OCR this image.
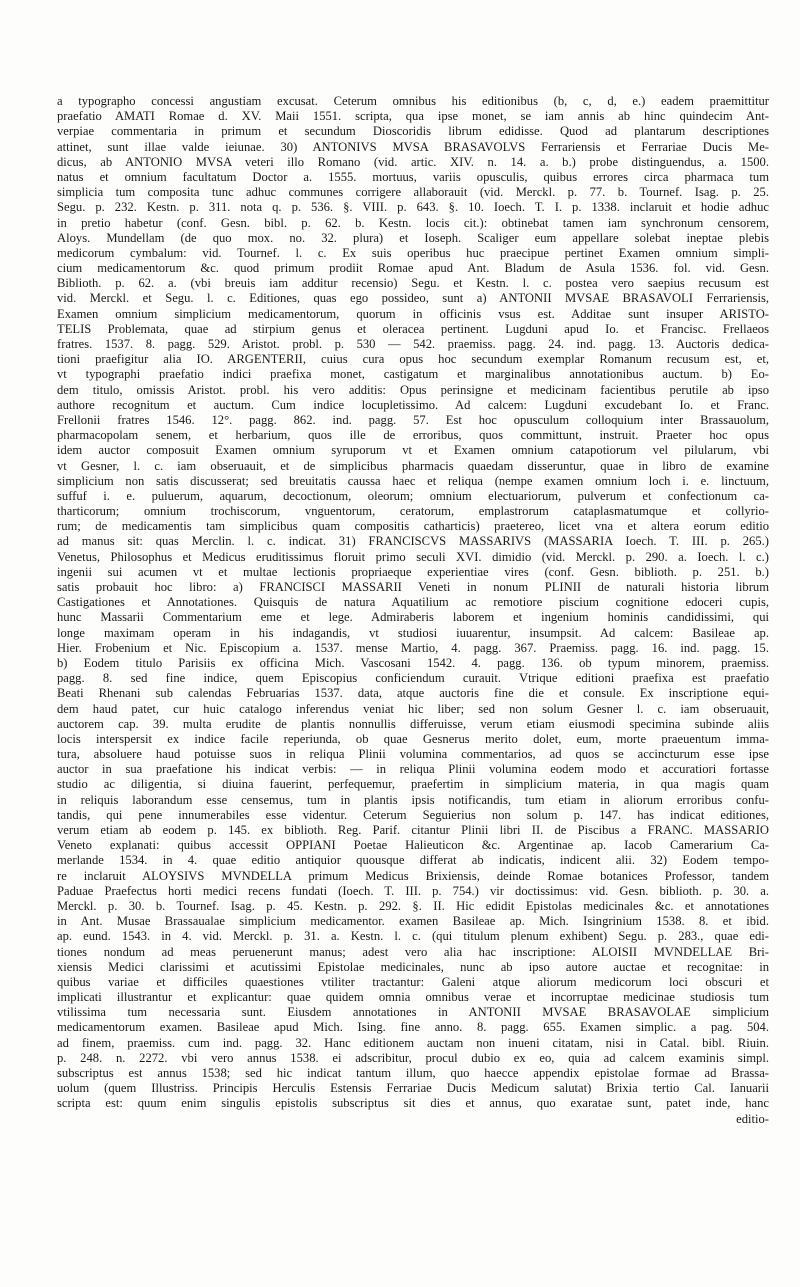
a typographo concessi angustiam excusat. Ceterum omnibus his editionibus (b, c, d, e.) eadem praemittitur
praefatio AMATI Romae d. XV. Maii 1551. scripta, qua ipse monet, se iam annis ab hinc quindecim Ant-
verpiae commentaria in primum et secundum Dioscoridis librum edidisse. Quod ad plantarum descriptiones
attinet, sunt illae valde ieiunae. 30) ANTONIVS MVSA BRASAVOLVS Ferrariensis et Ferrariae Ducis Me-
dicus, ab ANTONIO MVSA veteri illo Romano (vid. artic. XIV. n. 14. a. b.) probe distinguendus, a. 1500.
natus et omnium facultatum Doctor a. 1555. mortuus, variis opusculis, quibus errores circa pharmaca tum
simplicia tum composita tunc adhuc communes corrigere allaborauit (vid. Merckl. p. 77. b. Tournef. Isag. p. 25.
Segu. p. 232. Kestn. p. 311. nota q. p. 536. §. VIII. p. 643. §. 10. Ioech. T. I. p. 1338. inclaruit et hodie adhuc
in pretio habetur (conf. Gesn. bibl. p. 62. b. Kestn. locis cit.): obtinebat tamen iam synchronum censorem,
Aloys. Mundellam (de quo mox. no. 32. plura) et Ioseph. Scaliger eum appellare solebat ineptae plebis
medicorum cymbalum: vid. Tournef. l. c. Ex suis operibus huc praecipue pertinet Examen omnium simpli-
cium medicamentorum &c. quod primum prodiit Romae apud Ant. Bladum de Asula 1536. fol. vid. Gesn.
Biblioth. p. 62. a. (vbi breuis iam additur recensio) Segu. et Kestn. l. c. postea vero saepius recusum est
vid. Merckl. et Segu. l. c. Editiones, quas ego possideo, sunt a) ANTONII MVSAE BRASAVOLI Ferrariensis,
Examen omnium simplicium medicamentorum, quorum in officinis vsus est. Additae sunt insuper ARISTO-
TELIS Problemata, quae ad stirpium genus et oleracea pertinent. Lugduni apud Io. et Francisc. Frellaeos
fratres. 1537. 8. pagg. 529. Aristot. probl. p. 530 — 542. praemiss. pagg. 24. ind. pagg. 13. Auctoris dedica-
tioni praefigitur alia IO. ARGENTERII, cuius cura opus hoc secundum exemplar Romanum recusum est, et,
vt typographi praefatio indici praefixa monet, castigatum et marginalibus annotationibus auctum. b) Eo-
dem titulo, omissis Aristot. probl. his vero additis: Opus perinsigne et medicinam facientibus perutile ab ipso
authore recognitum et auctum. Cum indice locupletissimo. Ad calcem: Lugduni excudebant Io. et Franc.
Frellonii fratres 1546. 12°. pagg. 862. ind. pagg. 57. Est hoc opusculum colloquium inter Brassauolum,
pharmacopolam senem, et herbarium, quos ille de erroribus, quos committunt, instruit. Praeter hoc opus
idem auctor composuit Examen omnium syruporum vt et Examen omnium catapotiorum vel pilularum, vbi
vt Gesner, l. c. iam obseruauit, et de simplicibus pharmacis quaedam disseruntur, quae in libro de examine
simplicium non satis discusserat; sed breuitatis caussa haec et reliqua (nempe examen omnium loch i. e. linctuum,
suffuf i. e. puluerum, aquarum, decoctionum, oleorum; omnium electuariorum, pulverum et confectionum ca-
tharticorum; omnium trochiscorum, vnguentorum, ceratorum, emplastrorum cataplasmatumque et collyrio-
rum; de medicamentis tam simplicibus quam compositis catharticis) praetereo, licet vna et altera eorum editio
ad manus sit: quas Merclin. l. c. indicat. 31) FRANCISCVS MASSARIVS (MASSARIA Ioech. T. III. p. 265.)
Venetus, Philosophus et Medicus eruditissimus floruit primo seculi XVI. dimidio (vid. Merckl. p. 290. a. Ioech. l. c.)
ingenii sui acumen vt et multae lectionis propriaeque experientiae vires (conf. Gesn. biblioth. p. 251. b.)
satis probauit hoc libro: a) FRANCISCI MASSARII Veneti in nonum PLINII de naturali historia librum
Castigationes et Annotationes. Quisquis de natura Aquatilium ac remotiore piscium cognitione edoceri cupis,
hunc Massarii Commentarium eme et lege. Admiraberis laborem et ingenium hominis candidissimi, qui
longe maximam operam in his indagandis, vt studiosi iuuarentur, insumpsit. Ad calcem: Basileae ap.
Hier. Frobenium et Nic. Episcopium a. 1537. mense Martio, 4. pagg. 367. Praemiss. pagg. 16. ind. pagg. 15.
b) Eodem titulo Parisiis ex officina Mich. Vascosani 1542. 4. pagg. 136. ob typum minorem, praemiss.
pagg. 8. sed fine indice, quem Episcopius conficiendum curauit. Vtrique editioni praefixa est praefatio
Beati Rhenani sub calendas Februarias 1537. data, atque auctoris fine die et consule. Ex inscriptione equi-
dem haud patet, cur huic catalogo inferendus veniat hic liber; sed non solum Gesner l. c. iam obseruauit,
auctorem cap. 39. multa erudite de plantis nonnullis differuisse, verum etiam eiusmodi specimina subinde aliis
locis interspersit ex indice facile reperiunda, ob quae Gesnerus merito dolet, eum, morte praeuentum imma-
tura, absoluere haud potuisse suos in reliqua Plinii volumina commentarios, ad quos se accincturum esse ipse
auctor in sua praefatione his indicat verbis: — in reliqua Plinii volumina eodem modo et accuratiori fortasse
studio ac diligentia, si diuina fauerint, perfequemur, praefertim in simplicium materia, in qua magis quam
in reliquis laborandum esse censemus, tum in plantis ipsis notificandis, tum etiam in aliorum erroribus confu-
tandis, qui pene innumerabiles esse videntur. Ceterum Seguierius non solum p. 147. has indicat editiones,
verum etiam ab eodem p. 145. ex biblioth. Reg. Parif. citantur Plinii libri II. de Piscibus a FRANC. MASSARIO
Veneto explanati: quibus accessit OPPIANI Poetae Halieuticon &c. Argentinae ap. Iacob Camerarium Ca-
merlande 1534. in 4. quae editio antiquior quousque differat ab indicatis, indicent alii. 32) Eodem tempo-
re inclaruit ALOYSIVS MVNDELLA primum Medicus Brixiensis, deinde Romae botanices Professor, tandem
Paduae Praefectus horti medici recens fundati (Ioech. T. III. p. 754.) vir doctissimus: vid. Gesn. biblioth. p. 30. a.
Merckl. p. 30. b. Tournef. Isag. p. 45. Kestn. p. 292. §. II. Hic edidit Epistolas medicinales &c. et annotationes
in Ant. Musae Brassaualae simplicium medicamentor. examen Basileae ap. Mich. Isingrinium 1538. 8. et ibid.
ap. eund. 1543. in 4. vid. Merckl. p. 31. a. Kestn. l. c. (qui titulum plenum exhibent) Segu. p. 283., quae edi-
tiones nondum ad meas peruenerunt manus; adest vero alia hac inscriptione: ALOISII MVNDELLAE Bri-
xiensis Medici clarissimi et acutissimi Epistolae medicinales, nunc ab ipso autore auctae et recognitae: in
quibus variae et difficiles quaestiones vtiliter tractantur: Galeni atque aliorum medicorum loci obscuri et
implicati illustrantur et explicantur: quae quidem omnia omnibus verae et incorruptae medicinae studiosis tum
vtilissima tum necessaria sunt. Eiusdem annotationes in ANTONII MVSAE BRASAVOLAE simplicium
medicamentorum examen. Basileae apud Mich. Ising. fine anno. 8. pagg. 655. Examen simplic. a pag. 504.
ad finem, praemiss. cum ind. pagg. 32. Hanc editionem auctam non inueni citatam, nisi in Catal. bibl. Riuin.
p. 248. n. 2272. vbi vero annus 1538. ei adscribitur, procul dubio ex eo, quia ad calcem examinis simpl.
subscriptus est annus 1538; sed hic indicat tantum illum, quo haecce appendix epistolae formae ad Brassa-
uolum (quem Illustriss. Principis Herculis Estensis Ferrariae Ducis Medicum salutat) Brixia tertio Cal. Ianuarii
scripta est: quum enim singulis epistolis subscriptus sit dies et annus, quo exaratae sunt, patet inde, hanc
editio-
